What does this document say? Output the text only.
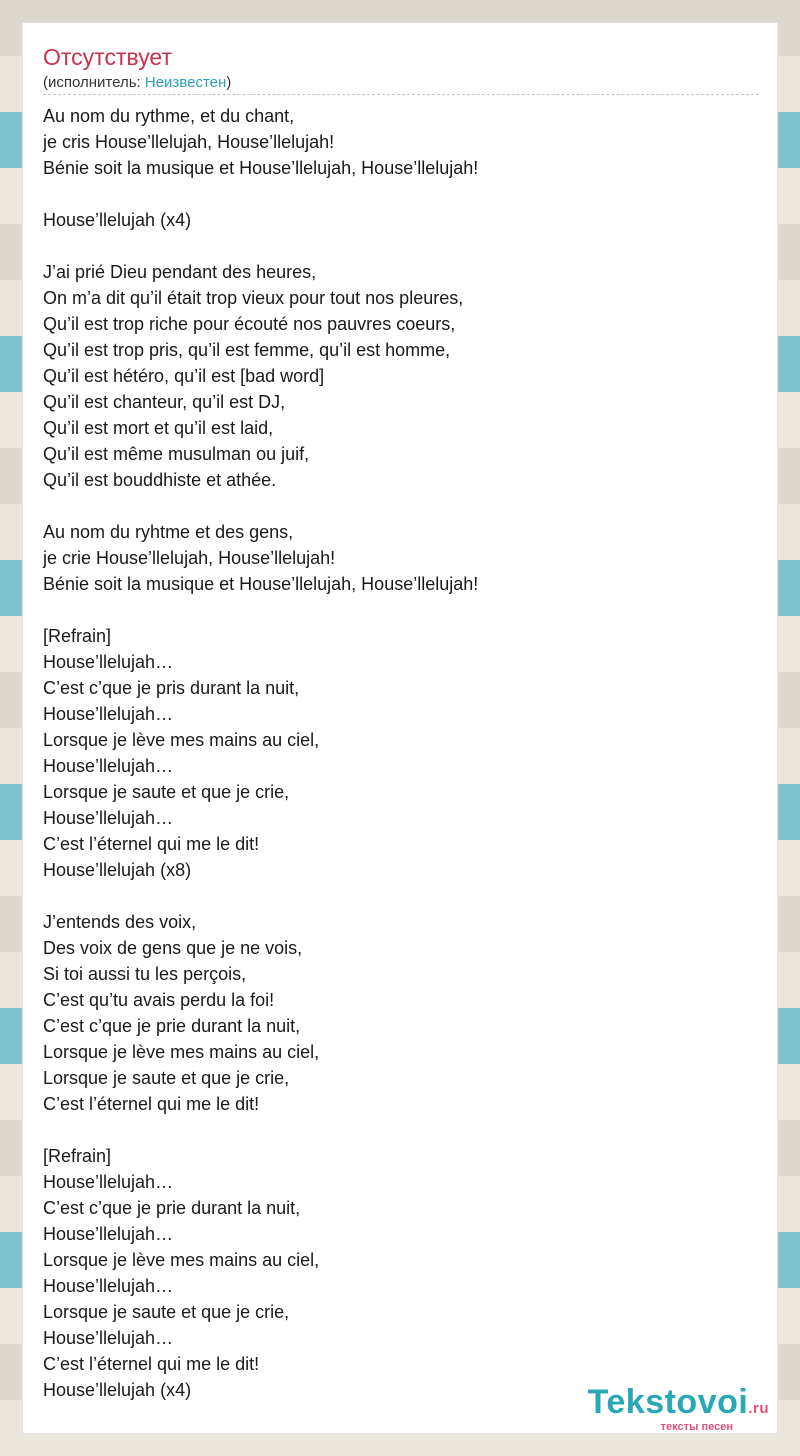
Отсутствует
(исполнитель: Неизвестен)
Au nom du rythme, et du chant,
je cris House’llelujah, House’llelujah!
Bénie soit la musique et House’llelujah, House’llelujah!
House’llelujah (x4)
J’ai prié Dieu pendant des heures,
On m’a dit qu’il était trop vieux pour tout nos pleures,
Qu’il est trop riche pour écouté nos pauvres coeurs,
Qu’il est trop pris, qu’il est femme, qu’il est homme,
Qu’il est hétéro, qu’il est [bad word]
Qu’il est chanteur, qu’il est DJ,
Qu’il est mort et qu’il est laid,
Qu’il est même musulman ou juif,
Qu’il est bouddhiste et athée.
Au nom du ryhtme et des gens,
je crie House’llelujah, House’llelujah!
Bénie soit la musique et House’llelujah, House’llelujah!
[Refrain]
House’llelujah…
C’est c’que je pris durant la nuit,
House’llelujah…
Lorsque je lève mes mains au ciel,
House’llelujah…
Lorsque je saute et que je crie,
House’llelujah…
C’est l’éternel qui me le dit!
House’llelujah (x8)
J’entends des voix,
Des voix de gens que je ne vois,
Si toi aussi tu les perçois,
C’est qu’tu avais perdu la foi!
C’est c’que je prie durant la nuit,
Lorsque je lève mes mains au ciel,
Lorsque je saute et que je crie,
C’est l’éternel qui me le dit!
[Refrain]
House’llelujah…
C’est c’que je prie durant la nuit,
House’llelujah…
Lorsque je lève mes mains au ciel,
House’llelujah…
Lorsque je saute et que je crie,
House’llelujah…
C’est l’éternel qui me le dit!
House’llelujah (x4)	Tekstovoi.ru
тексты песен
